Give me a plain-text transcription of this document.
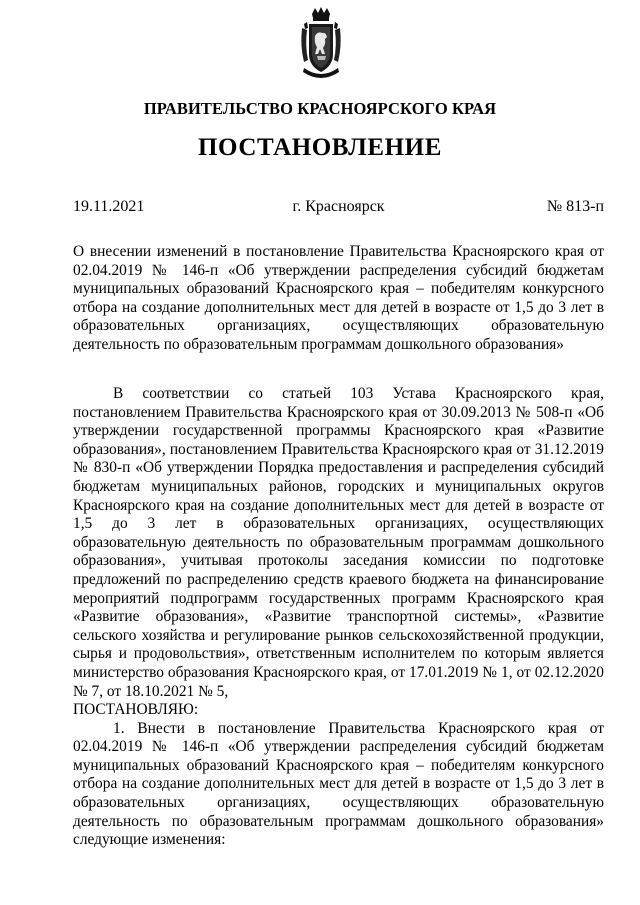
ПРАВИТЕЛЬСТВО КРАСНОЯРСКОГО КРАЯ
ПОСТАНОВЛЕНИЕ
19.11.2021	г. Красноярск	№ 813-п
О внесении изменений в постановление Правительства Красноярского края от 02.04.2019 № 146-п «Об утверждении распределения субсидий бюджетам муниципальных образований Красноярского края – победителям конкурсного отбора на создание дополнительных мест для детей в возрасте от 1,5 до 3 лет в образовательных организациях, осуществляющих образовательную деятельность по образовательным программам дошкольного образования»

В соответствии со статьей 103 Устава Красноярского края, постановлением Правительства Красноярского края от 30.09.2013 № 508-п «Об утверждении государственной программы Красноярского края «Развитие образования», постановлением Правительства Красноярского края от 31.12.2019 № 830-п «Об утверждении Порядка предоставления и распределения субсидий бюджетам муниципальных районов, городских и муниципальных округов Красноярского края на создание дополнительных мест для детей в возрасте от 1,5 до 3 лет в образовательных организациях, осуществляющих образовательную деятельность по образовательным программам дошкольного образования», учитывая протоколы заседания комиссии по подготовке предложений по распределению средств краевого бюджета на финансирование мероприятий подпрограмм государственных программ Красноярского края «Развитие образования», «Развитие транспортной системы», «Развитие сельского хозяйства и регулирование рынков сельскохозяйственной продукции, сырья и продовольствия», ответственным исполнителем по которым является министерство образования Красноярского края, от 17.01.2019 № 1, от 02.12.2020 № 7, от 18.10.2021 № 5,

ПОСТАНОВЛЯЮ:

1. Внести в постановление Правительства Красноярского края от 02.04.2019 № 146-п «Об утверждении распределения субсидий бюджетам муниципальных образований Красноярского края – победителям конкурсного отбора на создание дополнительных мест для детей в возрасте от 1,5 до 3 лет в образовательных организациях, осуществляющих образовательную деятельность по образовательным программам дошкольного образования» следующие изменения:
